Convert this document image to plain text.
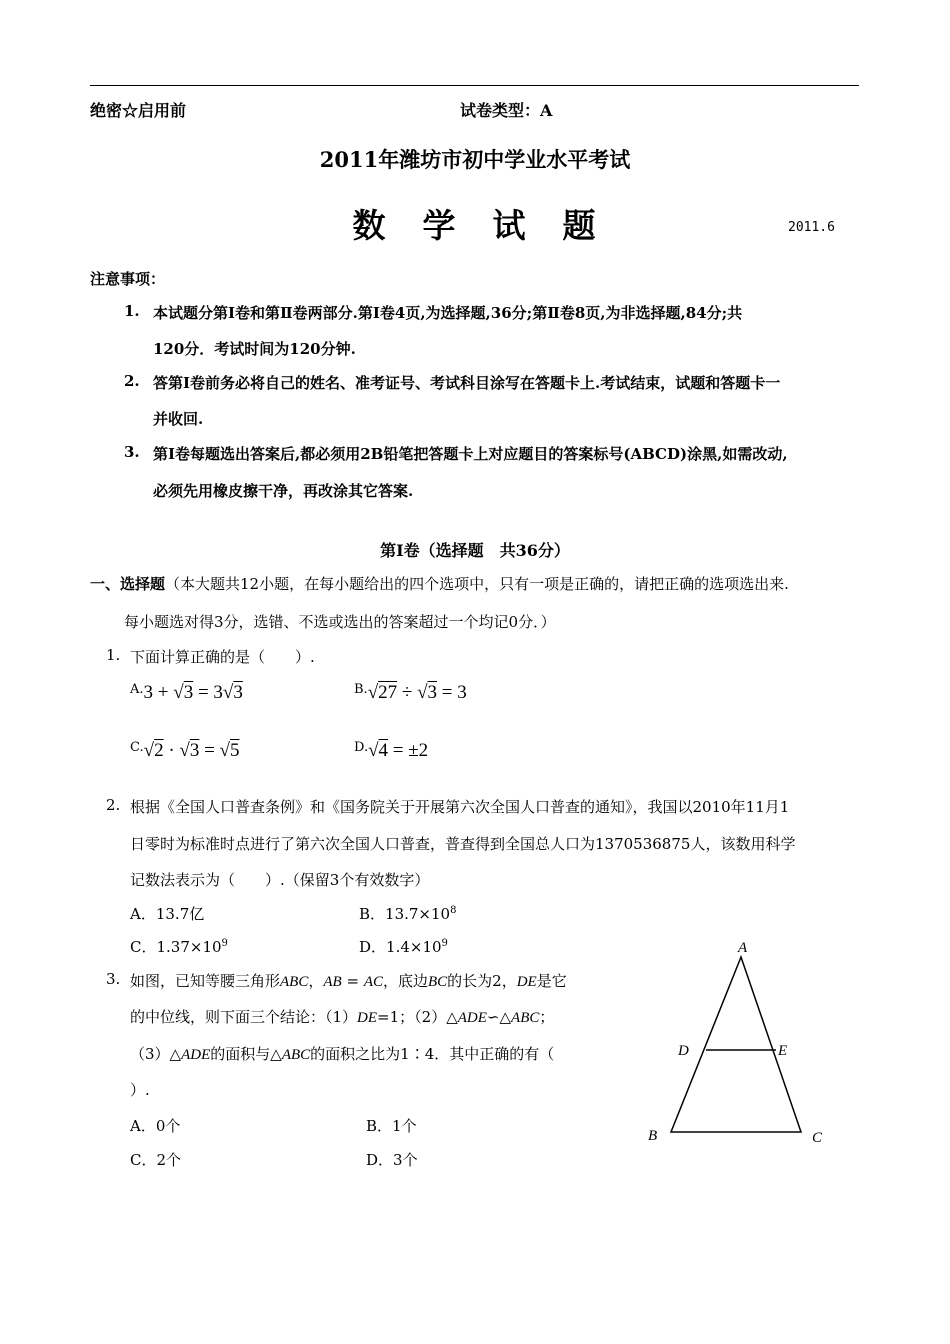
绝密☆启用前	试卷类型：A
2011年潍坊市初中学业水平考试
数　学　试　题	2011.6
注意事项：
1. 本试题分第Ⅰ卷和第Ⅱ卷两部分.第Ⅰ卷4页,为选择题,36分;第Ⅱ卷8页,为非选择题,84分;共
120分．考试时间为120分钟.
2. 答第Ⅰ卷前务必将自己的姓名、准考证号、考试科目涂写在答题卡上.考试结束，试题和答题卡一
并收回.
3. 第Ⅰ卷每题选出答案后,都必须用2B铅笔把答题卡上对应题目的答案标号(ABCD)涂黑,如需改动,
必须先用橡皮擦干净，再改涂其它答案.
第Ⅰ卷（选择题　共36分）
一、选择题（本大题共12小题，在每小题给出的四个选项中，只有一项是正确的，请把正确的选项选出来.
每小题选对得3分，选错、不选或选出的答案超过一个均记0分．）
1. 下面计算正确的是（　　）.
$^{A.}$3 + √3 = 3√3	$^{B.}$√27 ÷ √3 = 3
$^{C.}$√2 · √3 = √5	$^{D.}$√4 = ±2
2. 根据《全国人口普查条例》和《国务院关于开展第六次全国人口普查的通知》，我国以2010年11月1
日零时为标准时点进行了第六次全国人口普查，普查得到全国总人口为1370536875人，该数用科学
记数法表示为（　　）.（保留3个有效数字）
A．13.7亿	B．$13.7\times 10^8$
C．$1.37\times 10^9$	D．$1.4\times 10^9$
3. 如图，已知等腰三角形ABC，AB = AC，底边BC的长为2，DE是它
的中位线，则下面三个结论：（1）DE=1；（2）△ADE∽△ABC；
（3）△ADE的面积与△ABC的面积之比为1∶4．其中正确的有（
）.
A．0个	B．1个
C．2个	D．3个
A
D	E
B	C
